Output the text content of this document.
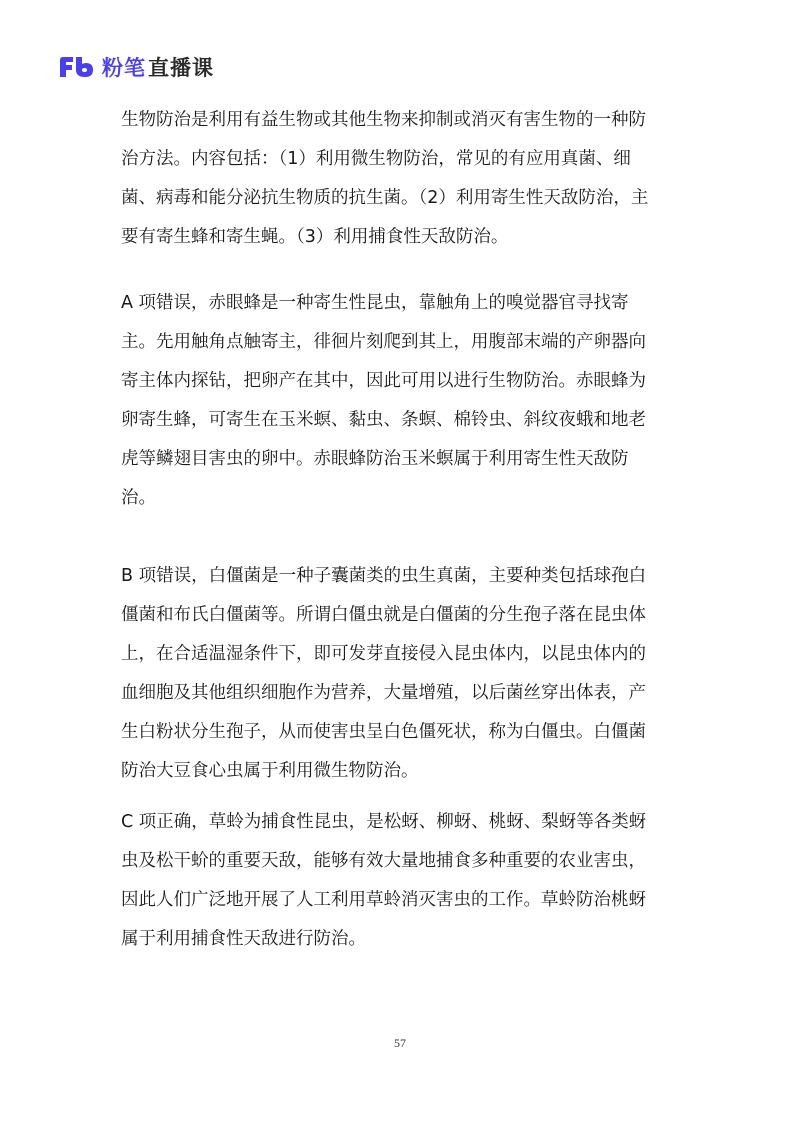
粉笔 直播课
生物防治是利用有益生物或其他生物来抑制或消灭有害生物的一种防
治方法。内容包括：（1）利用微生物防治，常见的有应用真菌、细
菌、病毒和能分泌抗生物质的抗生菌。（2）利用寄生性天敌防治，主
要有寄生蜂和寄生蝇。（3）利用捕食性天敌防治。
A 项错误，赤眼蜂是一种寄生性昆虫，靠触角上的嗅觉器官寻找寄
主。先用触角点触寄主，徘徊片刻爬到其上，用腹部末端的产卵器向
寄主体内探钻，把卵产在其中，因此可用以进行生物防治。赤眼蜂为
卵寄生蜂，可寄生在玉米螟、黏虫、条螟、棉铃虫、斜纹夜蛾和地老
虎等鳞翅目害虫的卵中。赤眼蜂防治玉米螟属于利用寄生性天敌防
治。
B 项错误，白僵菌是一种子囊菌类的虫生真菌，主要种类包括球孢白
僵菌和布氏白僵菌等。所谓白僵虫就是白僵菌的分生孢子落在昆虫体
上，在合适温湿条件下，即可发芽直接侵入昆虫体内，以昆虫体内的
血细胞及其他组织细胞作为营养，大量增殖，以后菌丝穿出体表，产
生白粉状分生孢子，从而使害虫呈白色僵死状，称为白僵虫。白僵菌
防治大豆食心虫属于利用微生物防治。
C 项正确，草蛉为捕食性昆虫，是松蚜、柳蚜、桃蚜、梨蚜等各类蚜
虫及松干蚧的重要天敌，能够有效大量地捕食多种重要的农业害虫，
因此人们广泛地开展了人工利用草蛉消灭害虫的工作。草蛉防治桃蚜
属于利用捕食性天敌进行防治。
57
